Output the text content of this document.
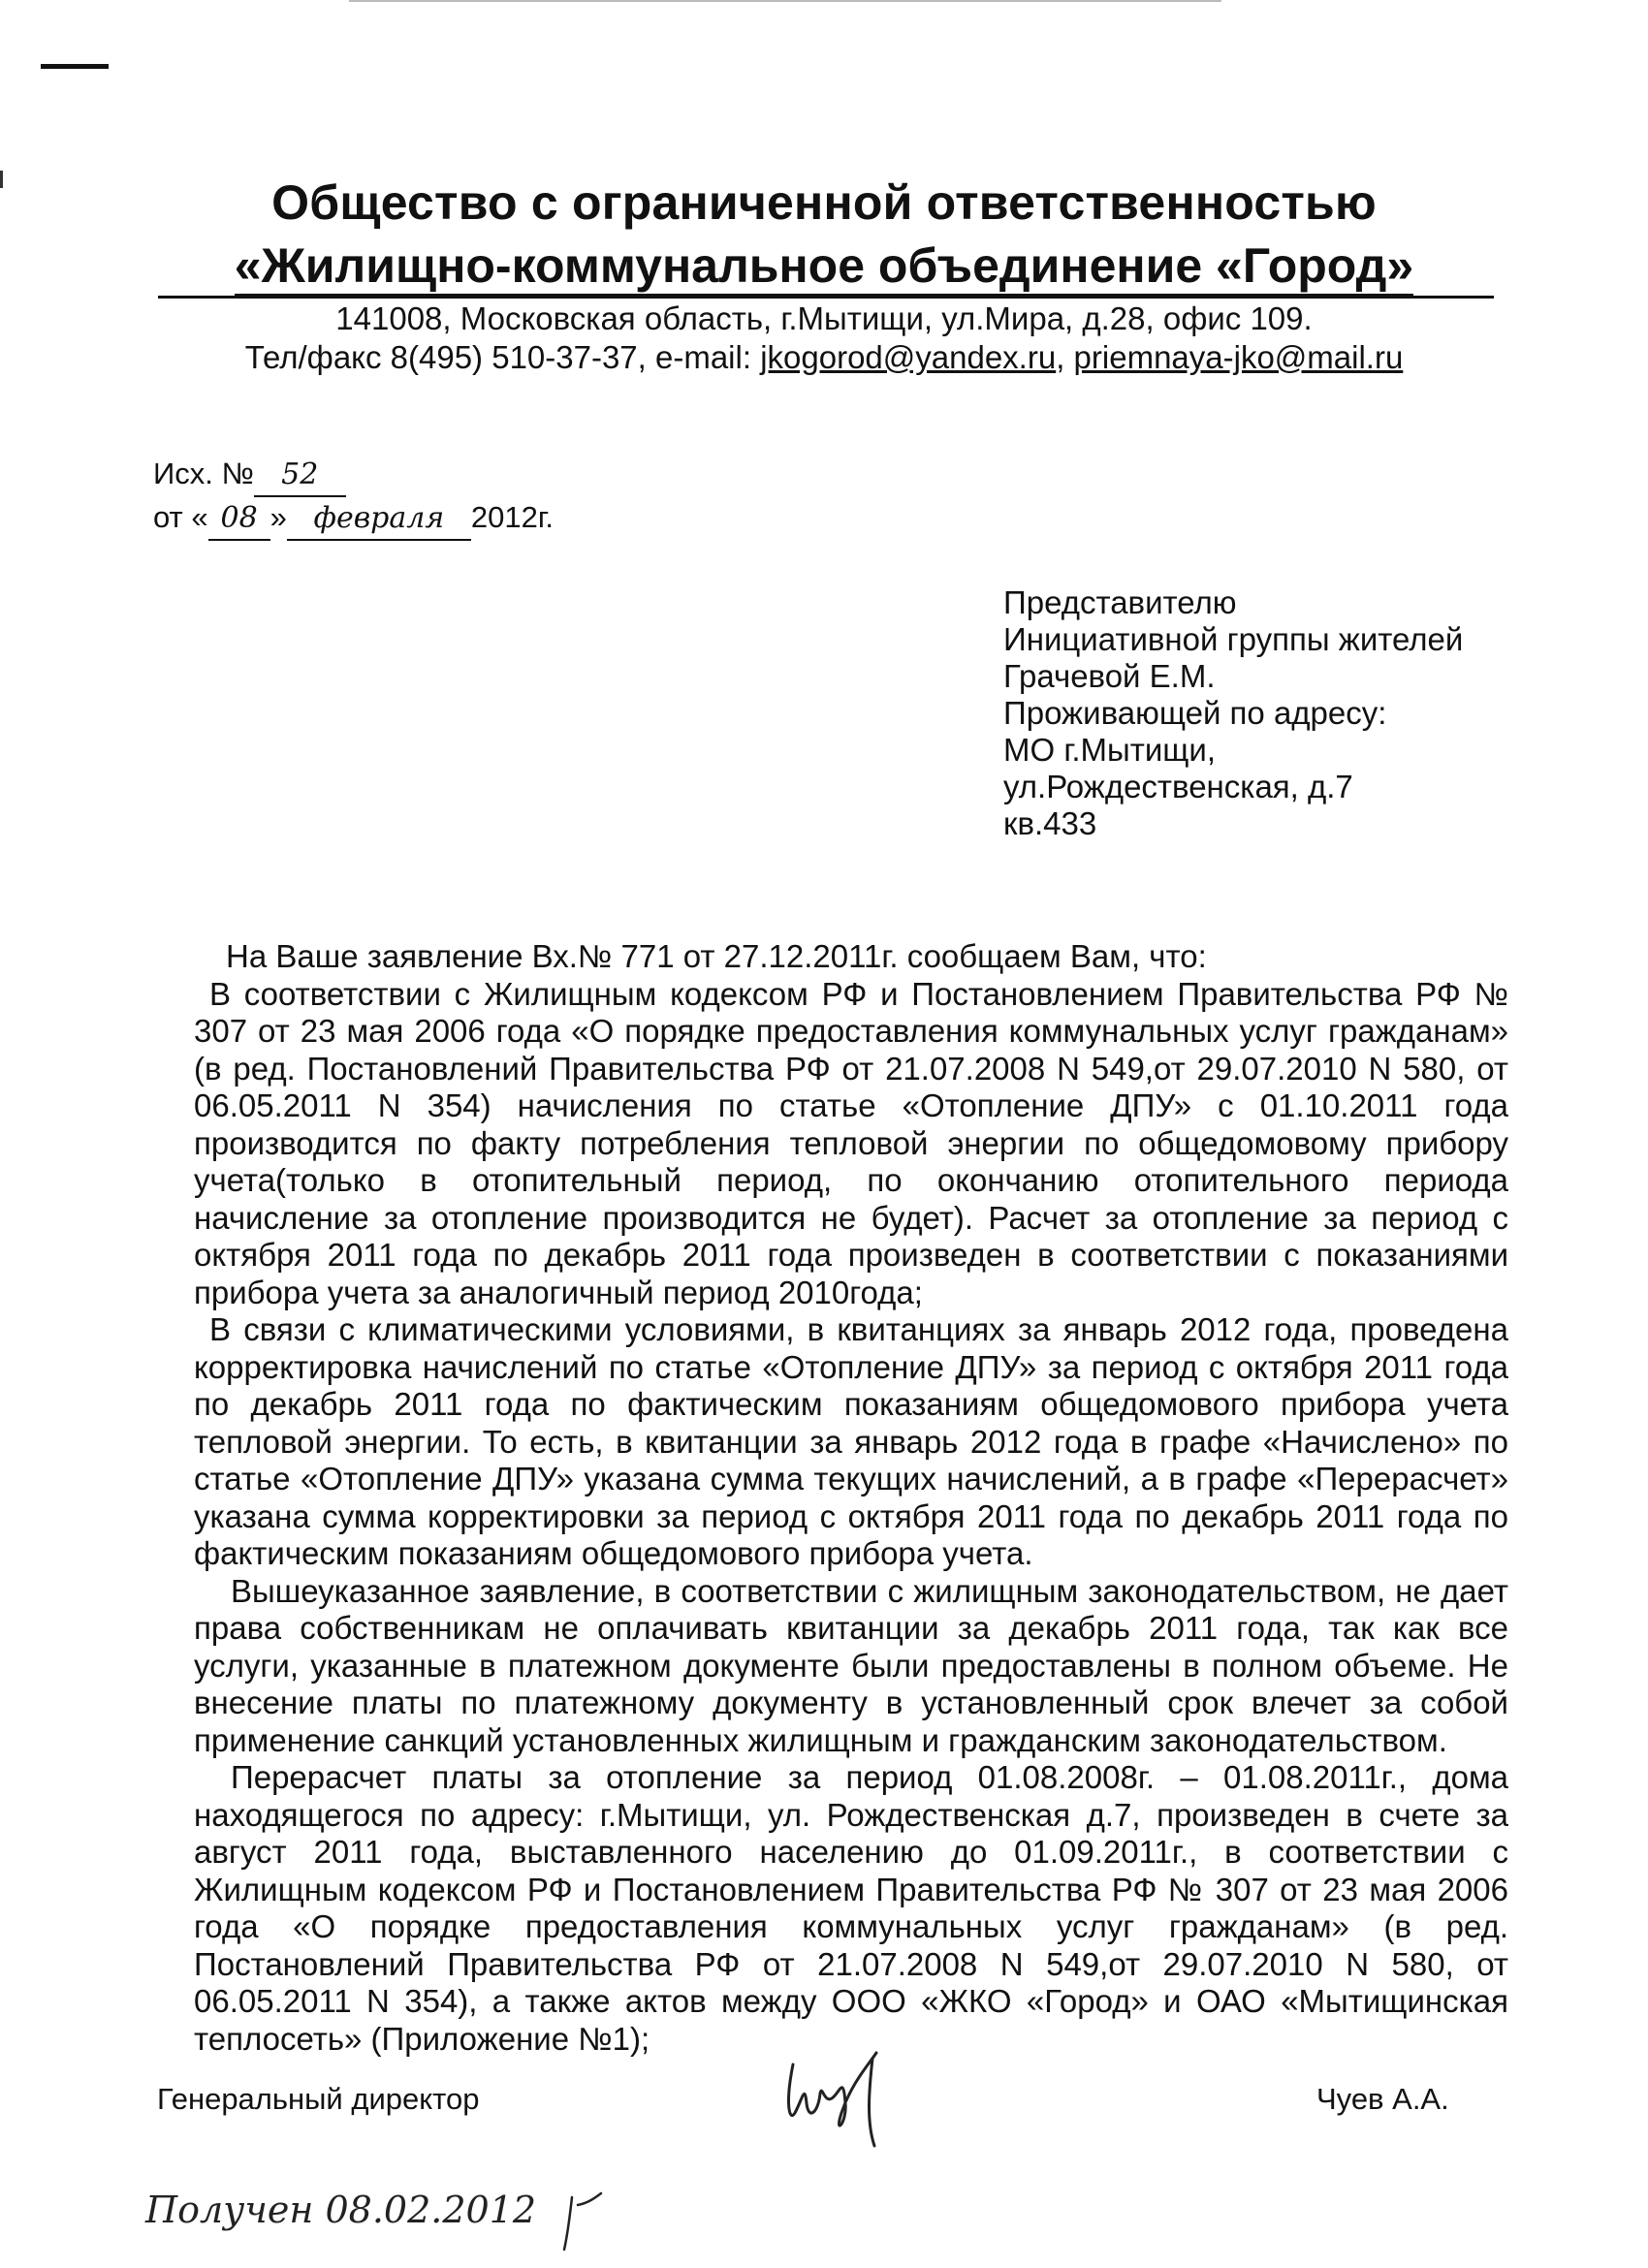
Общество с ограниченной ответственностью
«Жилищно-коммунальное объединение «Город»
141008, Московская область, г.Мытищи, ул.Мира, д.28, офис 109.
Тел/факс 8(495) 510-37-37, e-mail: jkogorod@yandex.ru, priemnaya-jko@mail.ru
Исх. № 52
от « 08 » февраля 2012г.
Представителю
Инициативной группы жителей
Грачевой Е.М.
Проживающей по адресу:
МО г.Мытищи,
ул.Рождественская, д.7
кв.433

На Ваше заявление Вх.№ 771 от 27.12.2011г. сообщаем Вам, что:

В соответствии с Жилищным кодексом РФ и Постановлением Правительства РФ № 307 от 23 мая 2006 года «О порядке предоставления коммунальных услуг гражданам» (в ред. Постановлений Правительства РФ от 21.07.2008 N 549,от 29.07.2010 N 580, от 06.05.2011 N 354) начисления по статье «Отопление ДПУ» с 01.10.2011 года производится по факту потребления тепловой энергии по общедомовому прибору учета(только в отопительный период, по окончанию отопительного периода начисление за отопление производится не будет). Расчет за отопление за период с октября 2011 года по декабрь 2011 года произведен в соответствии с показаниями прибора учета за аналогичный период 2010года;

В связи с климатическими условиями, в квитанциях за январь 2012 года, проведена корректировка начислений по статье «Отопление ДПУ» за период с октября 2011 года по декабрь 2011 года по фактическим показаниям общедомового прибора учета тепловой энергии. То есть, в квитанции за январь 2012 года в графе «Начислено» по статье «Отопление ДПУ» указана сумма текущих начислений, а в графе «Перерасчет» указана сумма корректировки за период с октября 2011 года по декабрь 2011 года по фактическим показаниям общедомового прибора учета.

Вышеуказанное заявление, в соответствии с жилищным законодательством, не дает права собственникам не оплачивать квитанции за декабрь 2011 года, так как все услуги, указанные в платежном документе были предоставлены в полном объеме. Не внесение платы по платежному документу в установленный срок влечет за собой применение санкций установленных жилищным и гражданским законодательством.

Перерасчет платы за отопление за период 01.08.2008г. – 01.08.2011г., дома находящегося по адресу: г.Мытищи, ул. Рождественская д.7, произведен в счете за август 2011 года, выставленного населению до 01.09.2011г., в соответствии с Жилищным кодексом РФ и Постановлением Правительства РФ № 307 от 23 мая 2006 года «О порядке предоставления коммунальных услуг гражданам» (в ред. Постановлений Правительства РФ от 21.07.2008 N 549,от 29.07.2010 N 580, от 06.05.2011 N 354), а также актов между ООО «ЖКО «Город» и ОАО «Мытищинская теплосеть» (Приложение №1);

Генеральный директор	Чуев А.А.
Получен 08.02.2012
